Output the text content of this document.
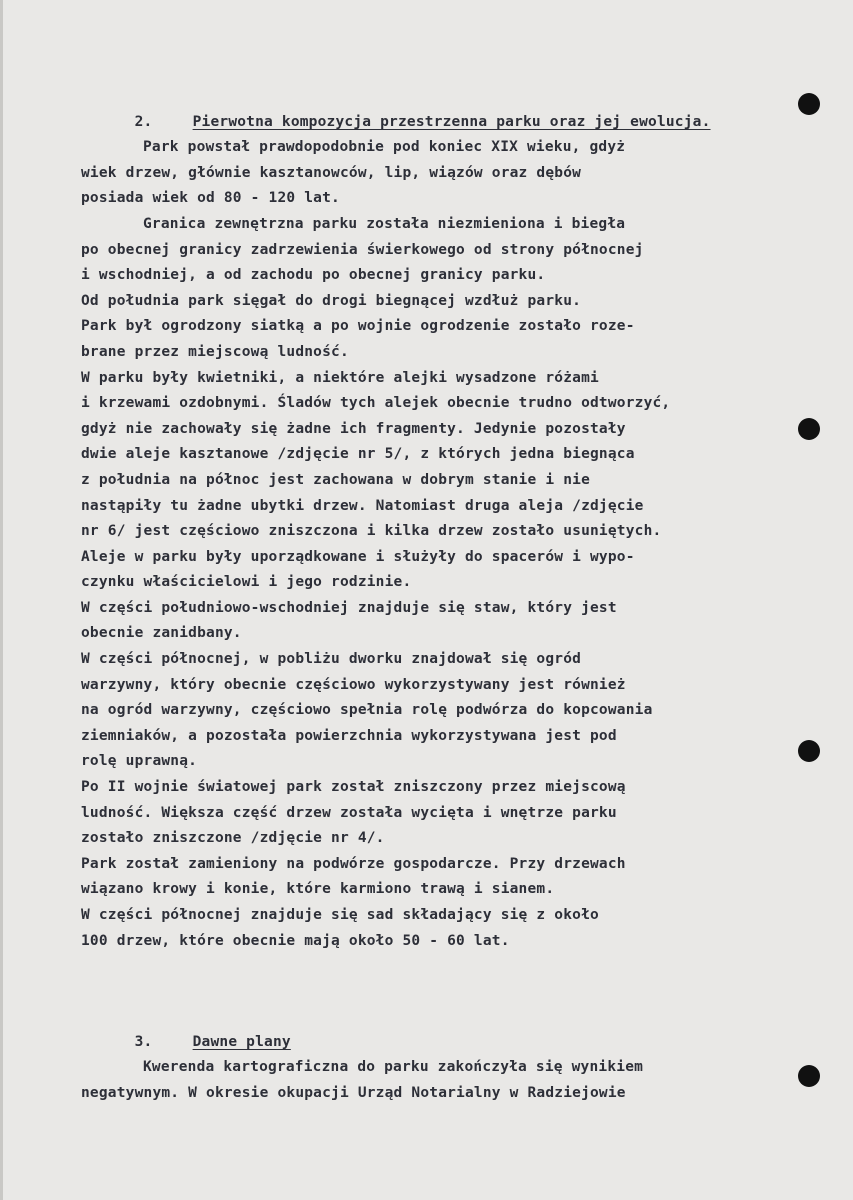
2.	Pierwotna kompozycja przestrzenna parku oraz jej ewolucja.

Park powstał prawdopodobnie pod koniec XIX wieku, gdyż
wiek drzew, głównie kasztanowców, lip, wiązów oraz dębów
posiada wiek od 80 - 120 lat.
Granica zewnętrzna parku została niezmieniona i biegła
po obecnej granicy zadrzewienia świerkowego od strony północnej
i wschodniej, a od zachodu po obecnej granicy parku.
Od południa park sięgał do drogi biegnącej wzdłuż parku.
Park był ogrodzony siatką a po wojnie ogrodzenie zostało roze-
brane przez miejscową ludność.
W parku były kwietniki, a niektóre alejki wysadzone różami
i krzewami ozdobnymi. Śladów tych alejek obecnie trudno odtworzyć,
gdyż nie zachowały się żadne ich fragmenty. Jedynie pozostały
dwie aleje kasztanowe /zdjęcie nr 5/, z których jedna biegnąca
z południa na północ jest zachowana w dobrym stanie i nie
nastąpiły tu żadne ubytki drzew. Natomiast druga aleja /zdjęcie
nr 6/ jest częściowo zniszczona i kilka drzew zostało usuniętych.
Aleje w parku były uporządkowane i służyły do spacerów i wypo-
czynku właścicielowi i jego rodzinie.
W części południowo-wschodniej znajduje się staw, który jest
obecnie zanidbany.
W części północnej, w pobliżu dworku znajdował się ogród
warzywny, który obecnie częściowo wykorzystywany jest również
na ogród warzywny, częściowo spełnia rolę podwórza do kopcowania
ziemniaków, a pozostała powierzchnia wykorzystywana jest pod
rolę uprawną.
Po II wojnie światowej park został zniszczony przez miejscową
ludność. Większa część drzew została wycięta i wnętrze parku
zostało zniszczone /zdjęcie nr 4/.
Park został zamieniony na podwórze gospodarcze. Przy drzewach
wiązano krowy i konie, które karmiono trawą i sianem.
W części północnej znajduje się sad składający się z około
100 drzew, które obecnie mają około 50 - 60 lat.

3.	Dawne plany

Kwerenda kartograficzna do parku zakończyła się wynikiem
negatywnym. W okresie okupacji Urząd Notarialny w Radziejowie
